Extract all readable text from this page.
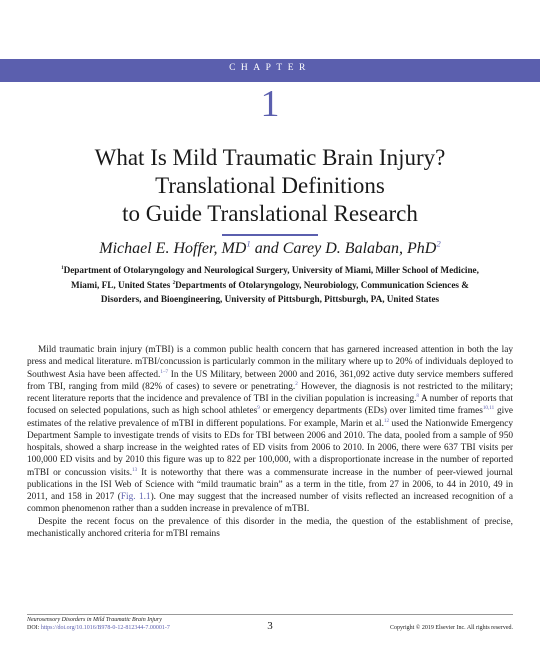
CHAPTER
1
What Is Mild Traumatic Brain Injury?
Translational Definitions
to Guide Translational Research
Michael E. Hoffer, MD$^1$ and Carey D. Balaban, PhD$^2$
$^1$Department of Otolaryngology and Neurological Surgery, University of Miami, Miller School of Medicine, Miami, FL, United States $^2$Departments of Otolaryngology, Neurobiology, Communication Sciences & Disorders, and Bioengineering, University of Pittsburgh, Pittsburgh, PA, United States

Mild traumatic brain injury (mTBI) is a common public health concern that has garnered increased attention in both the lay press and medical literature. mTBI/concussion is particularly common in the military where up to 20% of individuals deployed to Southwest Asia have been affected.$^{1-7}$ In the US Military, between 2000 and 2016, 361,092 active duty service members suffered from TBI, ranging from mild (82% of cases) to severe or penetrating.$^2$ However, the diagnosis is not restricted to the military; recent literature reports that the incidence and prevalence of TBI in the civilian population is increasing.$^8$ A number of reports that focused on selected populations, such as high school athletes$^9$ or emergency departments (EDs) over limited time frames$^{10,11}$ give estimates of the relative prevalence of mTBI in different populations. For example, Marin et al.$^{12}$ used the Nationwide Emergency Department Sample to investigate trends of visits to EDs for TBI between 2006 and 2010. The data, pooled from a sample of 950 hospitals, showed a sharp increase in the weighted rates of ED visits from 2006 to 2010. In 2006, there were 637 TBI visits per 100,000 ED visits and by 2010 this figure was up to 822 per 100,000, with a disproportionate increase in the number of reported mTBI or concussion visits.$^{13}$ It is noteworthy that there was a commensurate increase in the number of peer-viewed journal publications in the ISI Web of Science with “mild traumatic brain” as a term in the title, from 27 in 2006, to 44 in 2010, 49 in 2011, and 158 in 2017 (Fig. 1.1). One may suggest that the increased number of visits reflected an increased recognition of a common phenomenon rather than a sudden increase in prevalence of mTBI.

Despite the recent focus on the prevalence of this disorder in the media, the question of the establishment of precise, mechanistically anchored criteria for mTBI remains

Neurosensory Disorders in Mild Traumatic Brain Injury
DOI: https://doi.org/10.1016/B978-0-12-812344-7.00001-7	3	Copyright © 2019 Elsevier Inc. All rights reserved.
